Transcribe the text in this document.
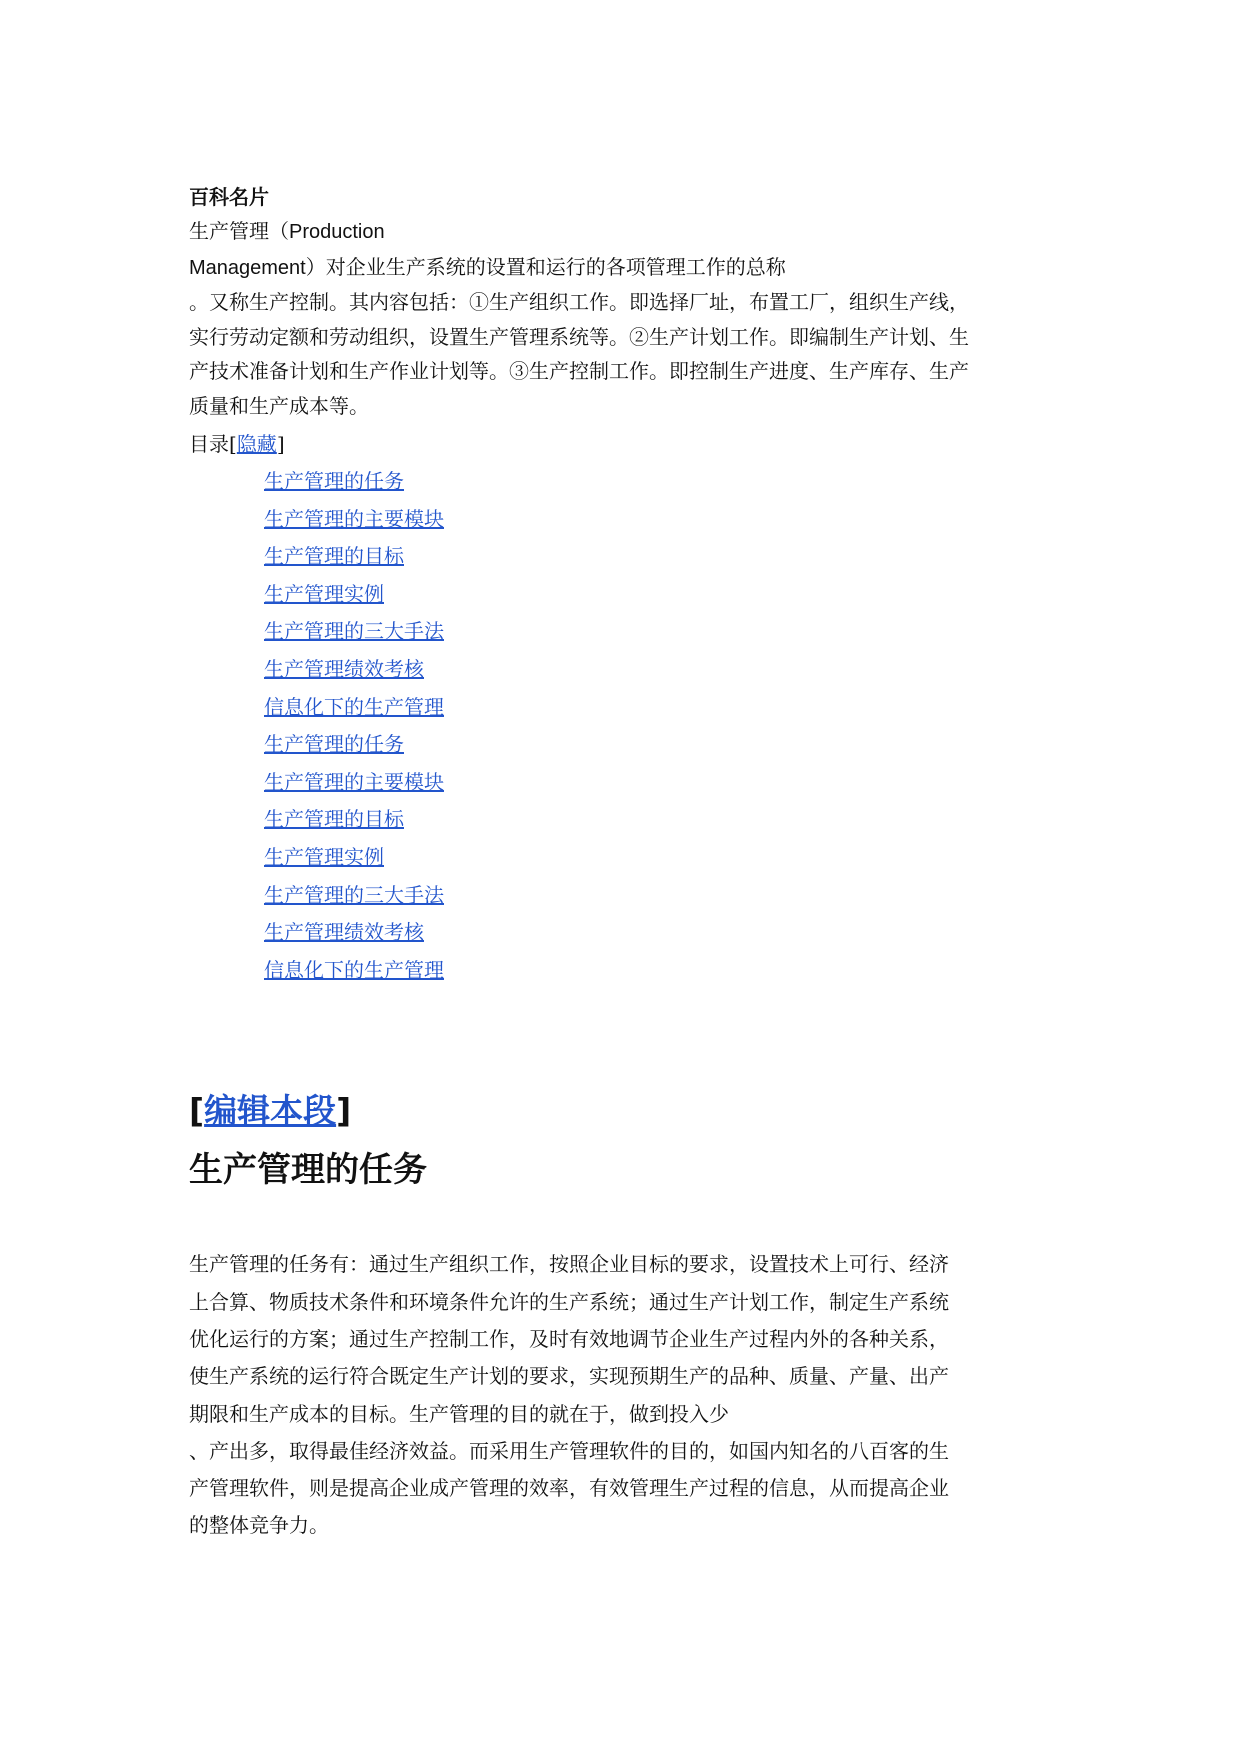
百科名片

生产管理（Production
Management）对企业生产系统的设置和运行的各项管理工作的总称
。又称生产控制。其内容包括：①生产组织工作。即选择厂址，布置工厂，组织生产线，
实行劳动定额和劳动组织，设置生产管理系统等。②生产计划工作。即编制生产计划、生
产技术准备计划和生产作业计划等。③生产控制工作。即控制生产进度、生产库存、生产
质量和生产成本等。

目录[隐藏]
生产管理的任务
生产管理的主要模块
生产管理的目标
生产管理实例
生产管理的三大手法
生产管理绩效考核
信息化下的生产管理
生产管理的任务
生产管理的主要模块
生产管理的目标
生产管理实例
生产管理的三大手法
生产管理绩效考核
信息化下的生产管理
[编辑本段]
生产管理的任务
生产管理的任务有：通过生产组织工作，按照企业目标的要求，设置技术上可行、经济
上合算、物质技术条件和环境条件允许的生产系统；通过生产计划工作，制定生产系统
优化运行的方案；通过生产控制工作，及时有效地调节企业生产过程内外的各种关系，
使生产系统的运行符合既定生产计划的要求，实现预期生产的品种、质量、产量、出产
期限和生产成本的目标。生产管理的目的就在于，做到投入少
、产出多，取得最佳经济效益。而采用生产管理软件的目的，如国内知名的八百客的生
产管理软件，则是提高企业成产管理的效率，有效管理生产过程的信息，从而提高企业
的整体竞争力。
